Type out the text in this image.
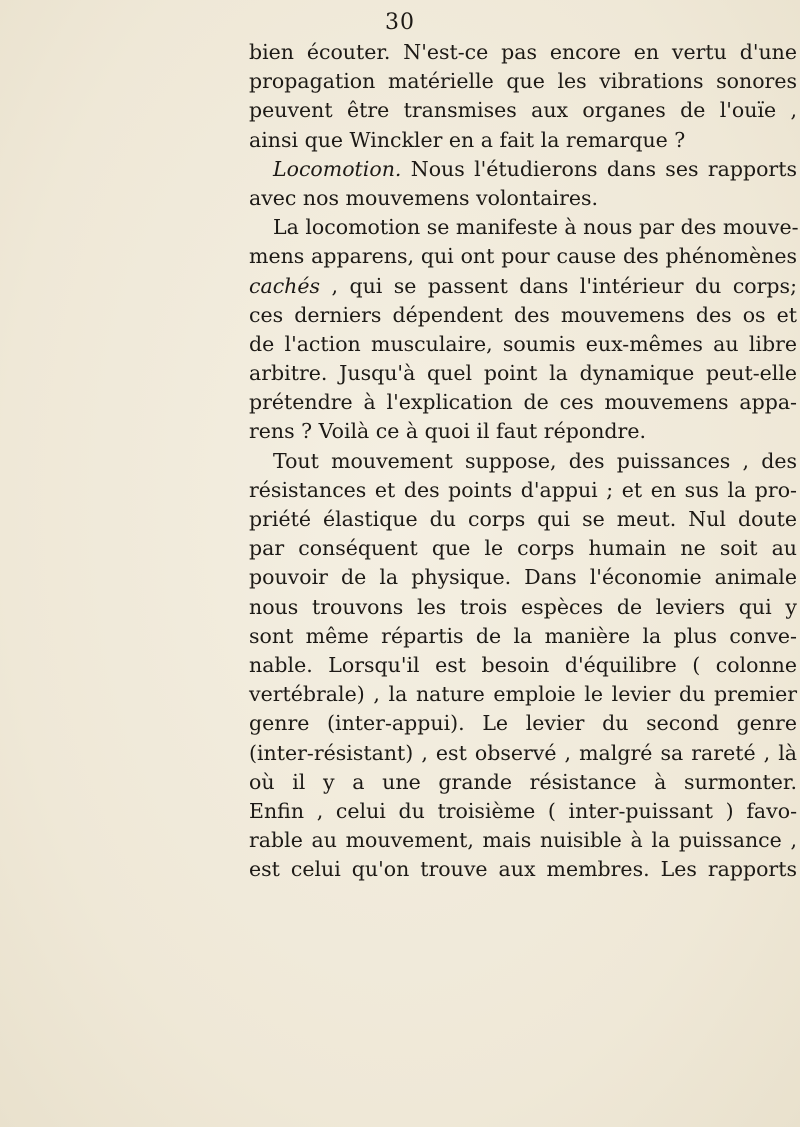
30
bien écouter. N'est-ce pas encore en vertu d'une
propagation matérielle que les vibrations sonores
peuvent être transmises aux organes de l'ouïe ,
ainsi que Winckler en a fait la remarque ?
Locomotion. Nous l'étudierons dans ses rapports
avec nos mouvemens volontaires.
La locomotion se manifeste à nous par des mouve-
mens apparens, qui ont pour cause des phénomènes
cachés , qui se passent dans l'intérieur du corps;
ces derniers dépendent des mouvemens des os et
de l'action musculaire, soumis eux-mêmes au libre
arbitre. Jusqu'à quel point la dynamique peut-elle
prétendre à l'explication de ces mouvemens appa-
rens ? Voilà ce à quoi il faut répondre.
Tout mouvement suppose, des puissances , des
résistances et des points d'appui ; et en sus la pro-
priété élastique du corps qui se meut. Nul doute
par conséquent que le corps humain ne soit au
pouvoir de la physique. Dans l'économie animale
nous trouvons les trois espèces de leviers qui y
sont même répartis de la manière la plus conve-
nable. Lorsqu'il est besoin d'équilibre ( colonne
vertébrale) , la nature emploie le levier du premier
genre (inter-appui). Le levier du second genre
(inter-résistant) , est observé , malgré sa rareté , là
où il y a une grande résistance à surmonter.
Enfin , celui du troisième ( inter-puissant ) favo-
rable au mouvement, mais nuisible à la puissance ,
est celui qu'on trouve aux membres. Les rapports
